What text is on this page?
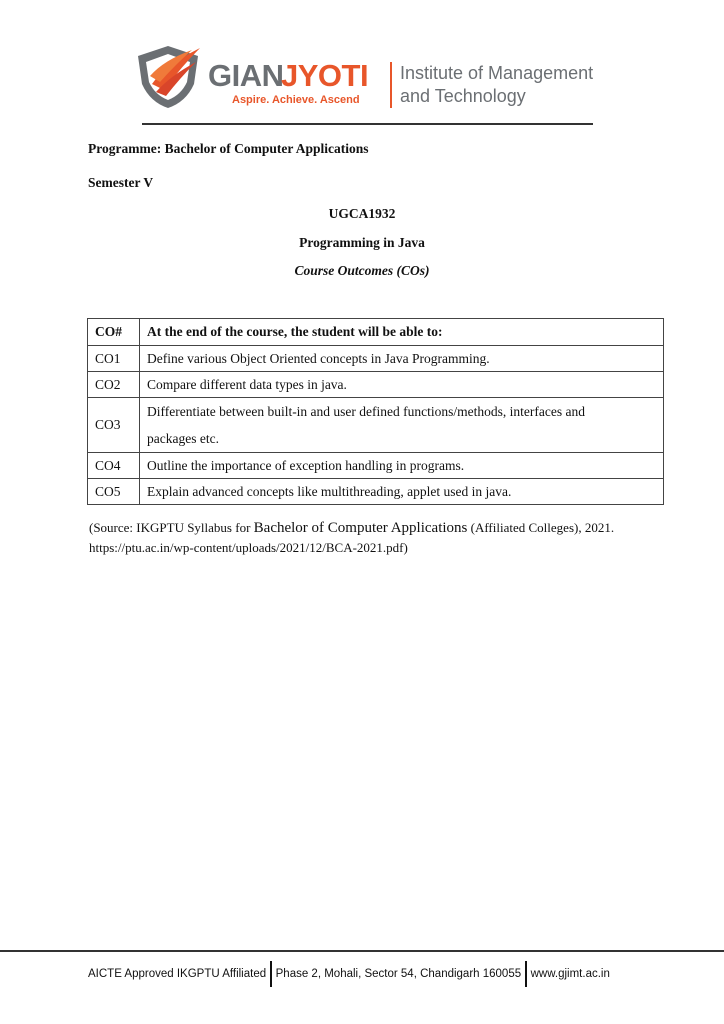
GIAN
JYOTI
Aspire. Achieve. Ascend
Institute of Management
and Technology
Programme: Bachelor of Computer Applications
Semester V
UGCA1932
Programming in Java
Course Outcomes (COs)
CO#	At the end of the course, the student will be able to:
CO1	Define various Object Oriented concepts in Java Programming.
CO2	Compare different data types in java.
CO3	Differentiate between built-in and user defined functions/methods, interfaces and
packages etc.

CO4	Outline the importance of exception handling in programs.
CO5	Explain advanced concepts like multithreading, applet used in java.
(Source: IKGPTU Syllabus for Bachelor of Computer Applications (Affiliated Colleges), 2021.
https://ptu.ac.in/wp-content/uploads/2021/12/BCA-2021.pdf)
AICTE Approved IKGPTU Affiliated Phase 2, Mohali, Sector 54, Chandigarh 160055 www.gjimt.ac.in
